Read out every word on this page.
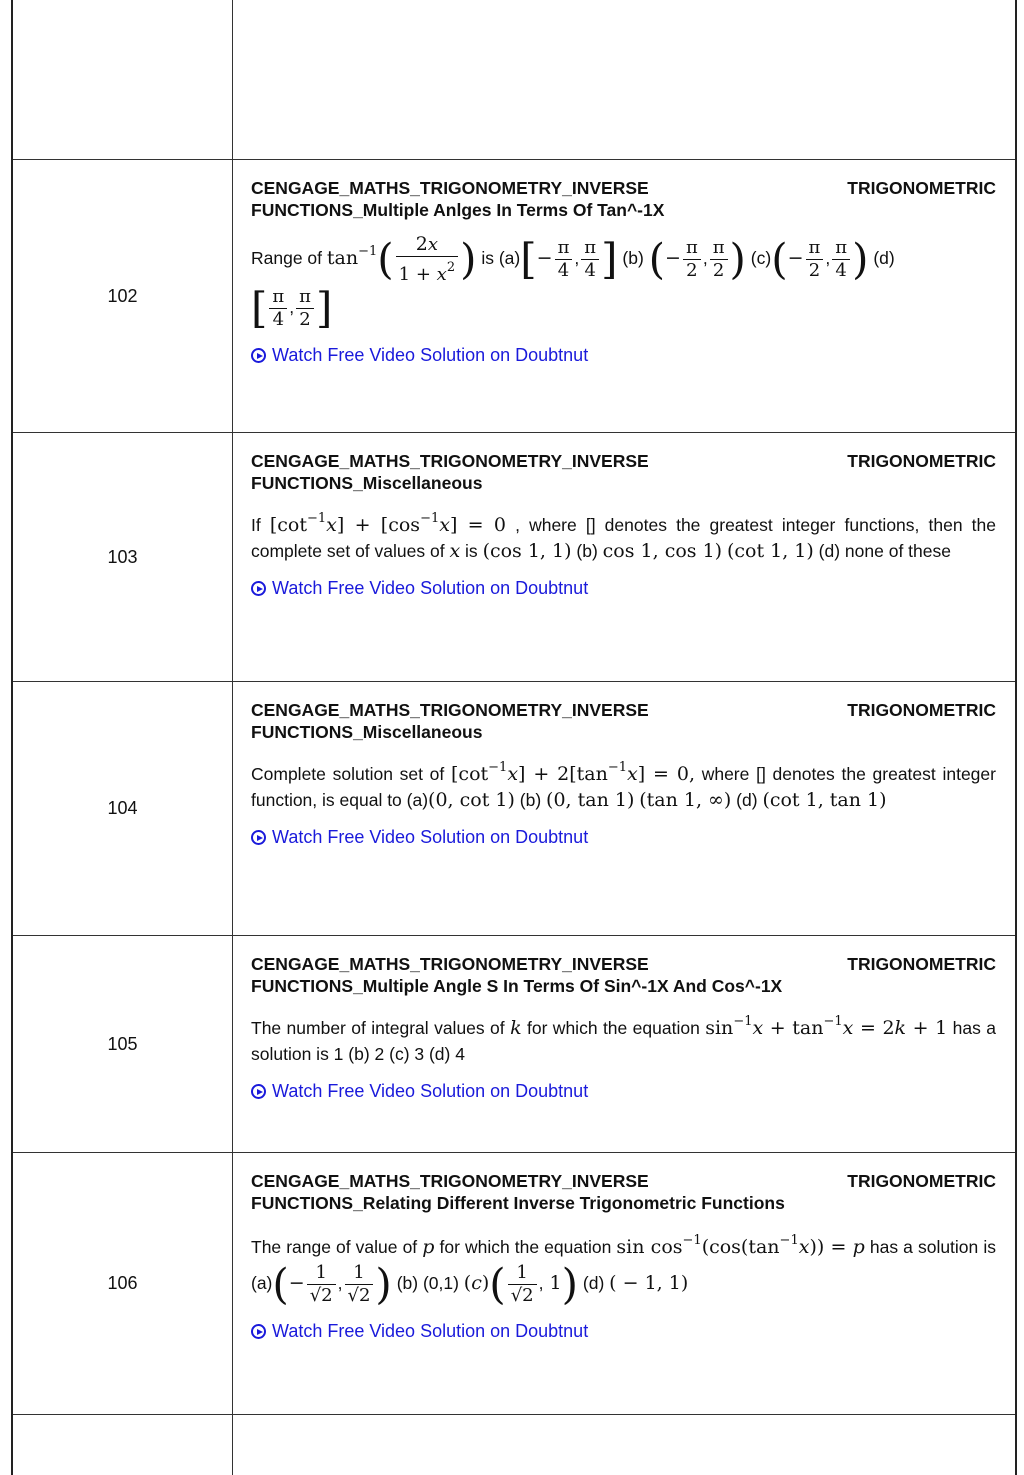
102
CENGAGE_MATHS_TRIGONOMETRY_INVERSE	TRIGONOMETRIC
FUNCTIONS_Multiple Anlges In Terms Of Tan^-1X
Range of $\tan^{-1}( \frac{2x}{1 + x^2}$ ) is $(a)[- \frac{\pi}{4}$ , $\frac{\pi}{4}$ ] (b) (− $\frac{\pi}{2}$ , $\frac{\pi}{2}$ ) $(c)(- \frac{\pi}{2}$ , $\frac{\pi}{4}$ ) (d)
[ $\frac{\pi}{4}$ , $\frac{\pi}{2}$ ]
Watch Free Video Solution on Doubtnut
103
CENGAGE_MATHS_TRIGONOMETRY_INVERSE	TRIGONOMETRIC
FUNCTIONS_Miscellaneous
If $[\cot^{-1}x] + [\cos^{-1}x] = 0$ , where [] denotes the greatest integer functions, then the complete set of values of x is (cos 1, 1) (b) cos 1, cos 1) (cot 1, 1) (d) none of these
Watch Free Video Solution on Doubtnut
104
CENGAGE_MATHS_TRIGONOMETRY_INVERSE	TRIGONOMETRIC
FUNCTIONS_Miscellaneous
Complete solution set of $[\cot^{-1}x] + 2[\tan^{-1}x] = 0$, where [] denotes the greatest integer function, is equal to (a)(0, cot 1) (b) (0, tan 1) (tan 1, ∞) (d) (cot 1, tan 1)
Watch Free Video Solution on Doubtnut
105
CENGAGE_MATHS_TRIGONOMETRY_INVERSE	TRIGONOMETRIC
FUNCTIONS_Multiple Angle S In Terms Of Sin^-1X And Cos^-1X
The number of integral values of k for which the equation $\sin^{-1}x + \tan^{-1}x = 2k + 1$ has a solution is 1 (b) 2 (c) 3 (d) 4
Watch Free Video Solution on Doubtnut
106
CENGAGE_MATHS_TRIGONOMETRY_INVERSE	TRIGONOMETRIC
FUNCTIONS_Relating Different Inverse Trigonometric Functions
The range of value of p for which the equation $\sin \cos^{-1}(\cos(\tan^{-1}x)) = p$ has a solution is $(a)(- \frac{1}{√2}$ , $\frac{1}{√2}$ ) (b) (0,1) $(c)( \frac{1}{√2}$ , 1) (d) ( − 1, 1)
Watch Free Video Solution on Doubtnut
